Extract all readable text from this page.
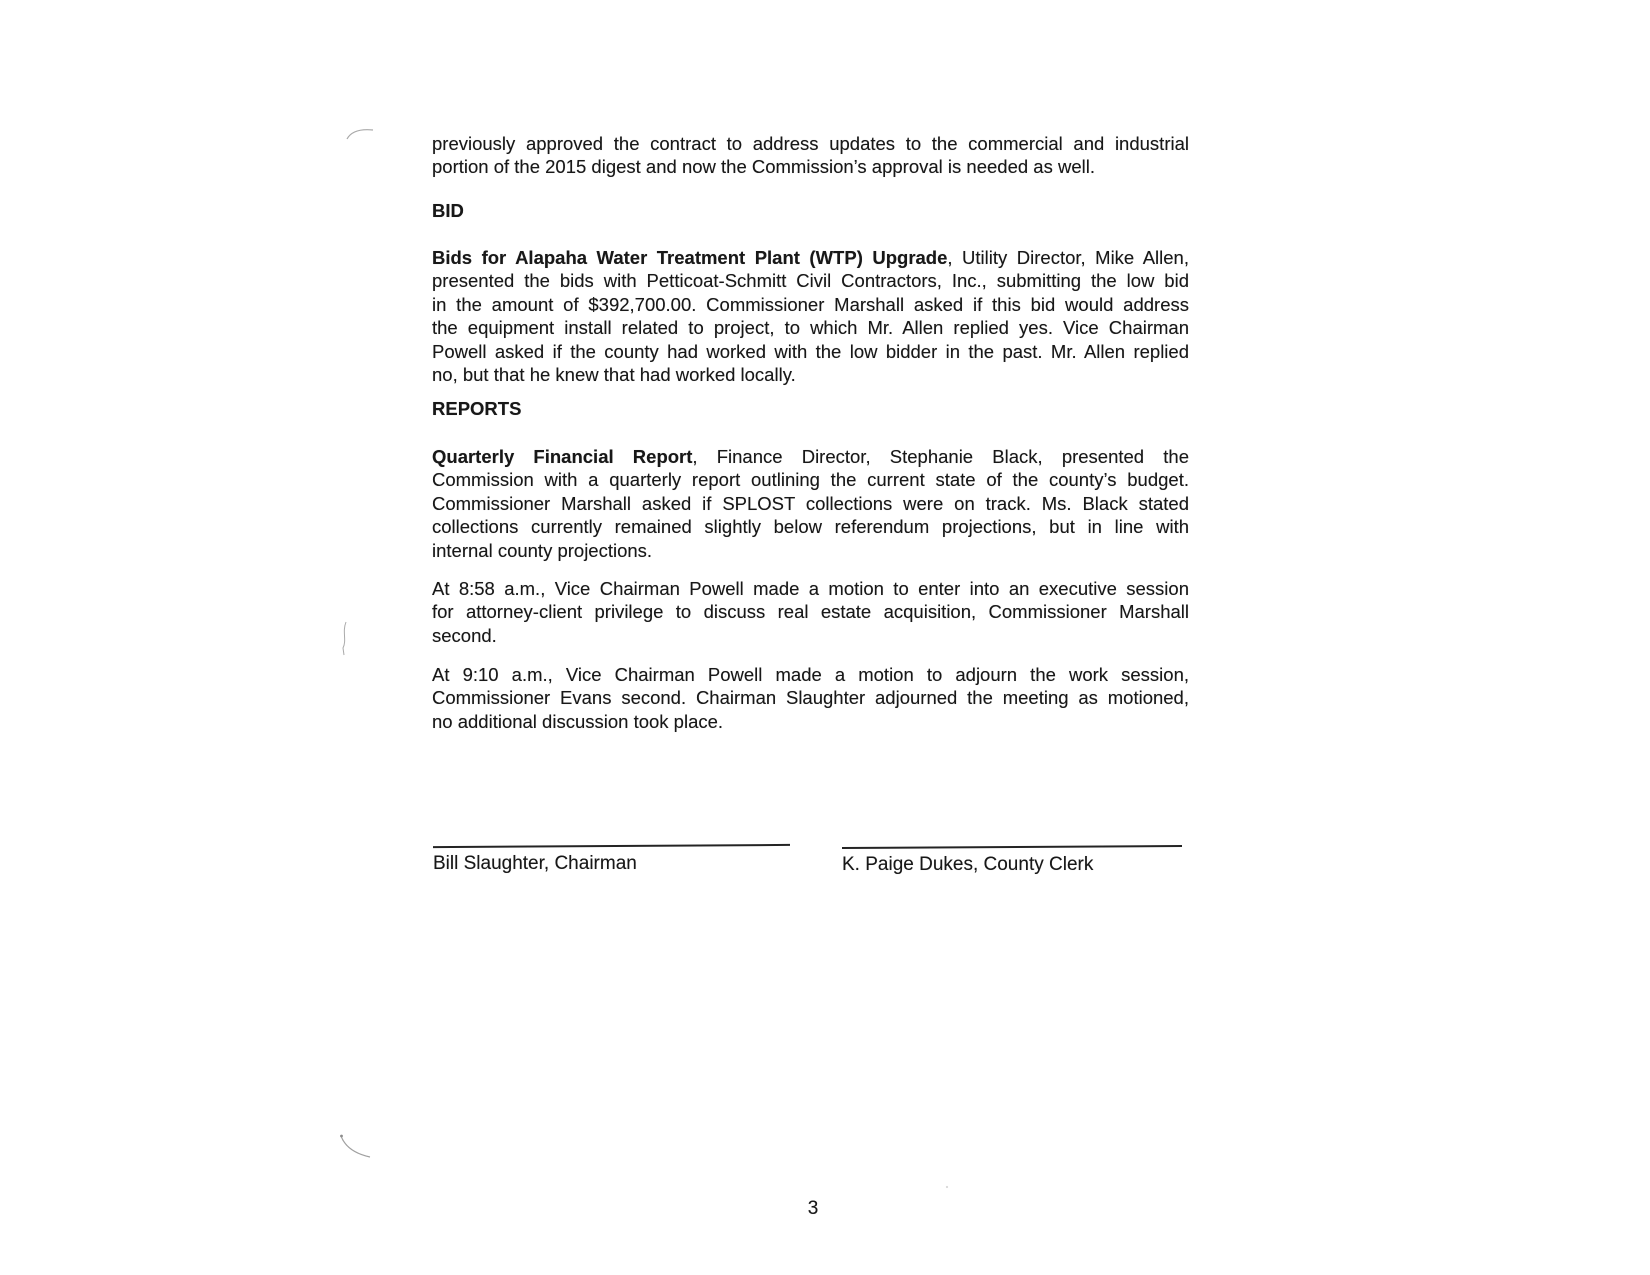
previously approved the contract to address updates to the commercial and industrial
portion of the 2015 digest and now the Commission’s approval is needed as well.
BID
Bids for Alapaha Water Treatment Plant (WTP) Upgrade, Utility Director, Mike Allen,
presented the bids with Petticoat-Schmitt Civil Contractors, Inc., submitting the low bid
in the amount of $392,700.00. Commissioner Marshall asked if this bid would address
the equipment install related to project, to which Mr. Allen replied yes. Vice Chairman
Powell asked if the county had worked with the low bidder in the past. Mr. Allen replied
no, but that he knew that had worked locally.
REPORTS
Quarterly Financial Report, Finance Director, Stephanie Black, presented the
Commission with a quarterly report outlining the current state of the county’s budget.
Commissioner Marshall asked if SPLOST collections were on track. Ms. Black stated
collections currently remained slightly below referendum projections, but in line with
internal county projections.
At 8:58 a.m., Vice Chairman Powell made a motion to enter into an executive session
for attorney-client privilege to discuss real estate acquisition, Commissioner Marshall
second.
At 9:10 a.m., Vice Chairman Powell made a motion to adjourn the work session,
Commissioner Evans second. Chairman Slaughter adjourned the meeting as motioned,
no additional discussion took place.
Bill Slaughter, Chairman	K. Paige Dukes, County Clerk
3
